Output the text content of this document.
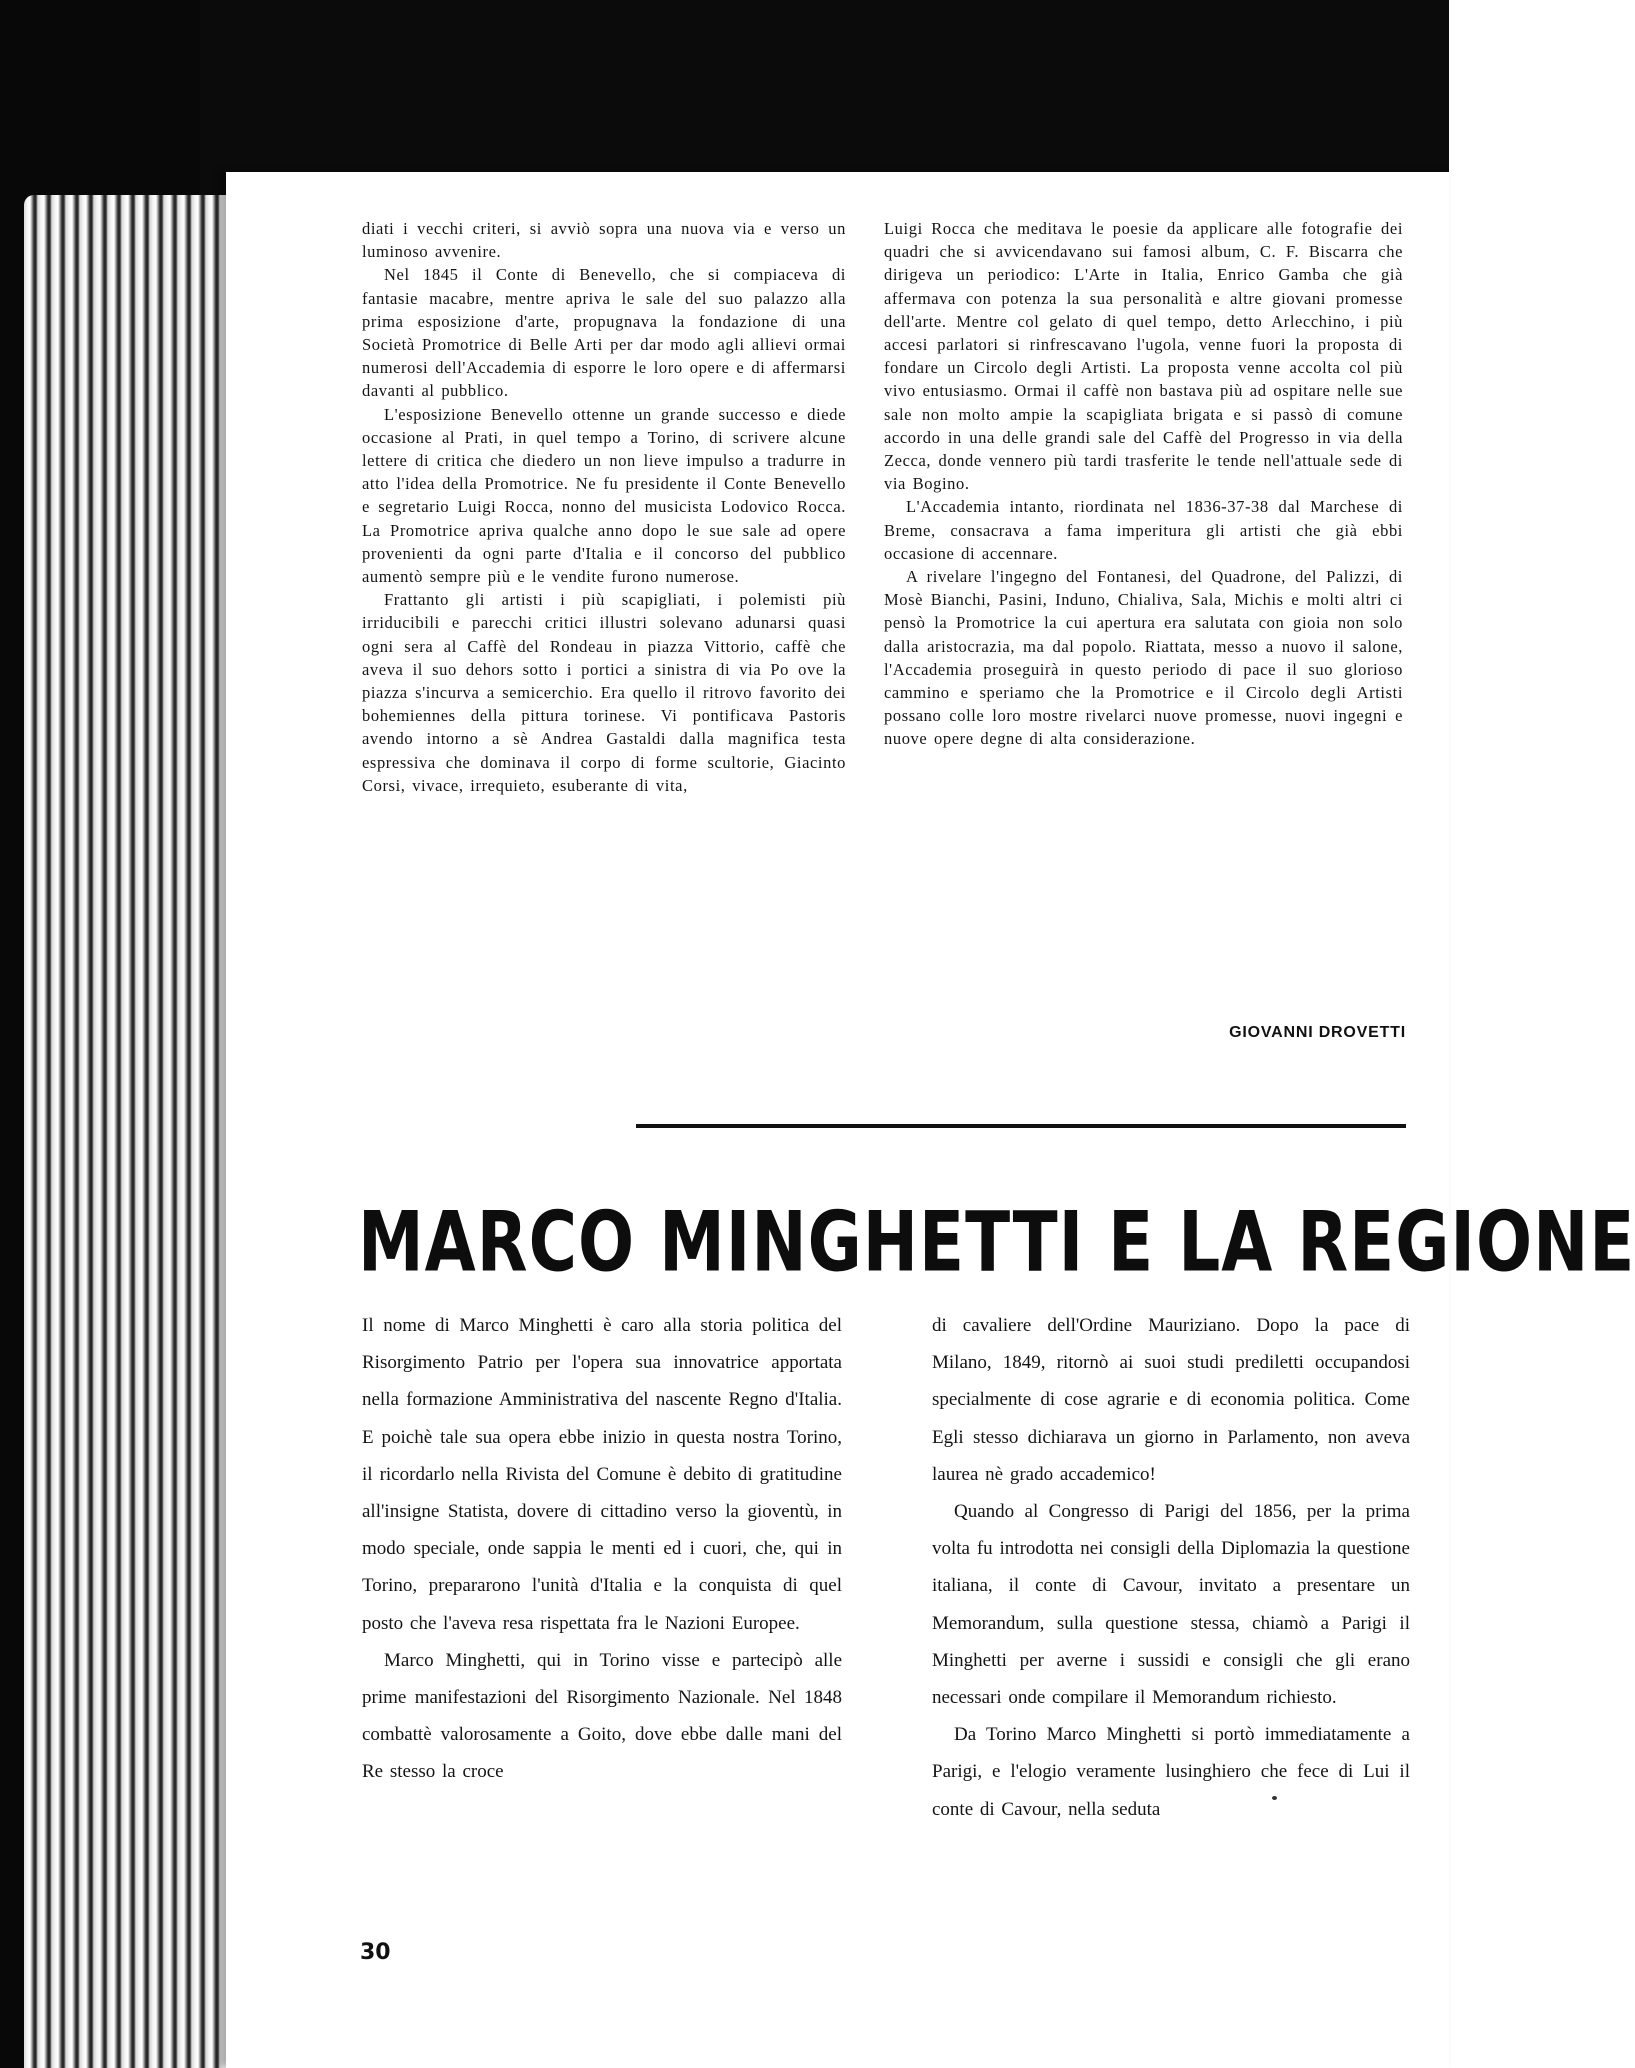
diati i vecchi criteri, si avviò sopra una nuova via e verso un luminoso avvenire.

Nel 1845 il Conte di Benevello, che si compiaceva di fantasie macabre, mentre apriva le sale del suo palazzo alla prima esposizione d'arte, propugnava la fondazione di una Società Promotrice di Belle Arti per dar modo agli allievi ormai numerosi dell'Accademia di esporre le loro opere e di affermarsi davanti al pubblico.

L'esposizione Benevello ottenne un grande successo e diede occasione al Prati, in quel tempo a Torino, di scrivere alcune lettere di critica che diedero un non lieve impulso a tradurre in atto l'idea della Promotrice. Ne fu presidente il Conte Benevello e segretario Luigi Rocca, nonno del musicista Lodovico Rocca. La Promotrice apriva qualche anno dopo le sue sale ad opere provenienti da ogni parte d'Italia e il concorso del pubblico aumentò sempre più e le vendite furono numerose.

Frattanto gli artisti i più scapigliati, i polemisti più irriducibili e parecchi critici illustri solevano adunarsi quasi ogni sera al Caffè del Rondeau in piazza Vittorio, caffè che aveva il suo dehors sotto i portici a sinistra di via Po ove la piazza s'incurva a semicerchio. Era quello il ritrovo favorito dei bohemiennes della pittura torinese. Vi pontificava Pastoris avendo intorno a sè Andrea Gastaldi dalla magnifica testa espressiva che dominava il corpo di forme scultorie, Giacinto Corsi, vivace, irrequieto, esuberante di vita,

Luigi Rocca che meditava le poesie da applicare alle fotografie dei quadri che si avvicendavano sui famosi album, C. F. Biscarra che dirigeva un periodico: L'Arte in Italia, Enrico Gamba che già affermava con potenza la sua personalità e altre giovani promesse dell'arte. Mentre col gelato di quel tempo, detto Arlecchino, i più accesi parlatori si rinfrescavano l'ugola, venne fuori la proposta di fondare un Circolo degli Artisti. La proposta venne accolta col più vivo entusiasmo. Ormai il caffè non bastava più ad ospitare nelle sue sale non molto ampie la scapigliata brigata e si passò di comune accordo in una delle grandi sale del Caffè del Progresso in via della Zecca, donde vennero più tardi trasferite le tende nell'attuale sede di via Bogino.

L'Accademia intanto, riordinata nel 1836-37-38 dal Marchese di Breme, consacrava a fama imperitura gli artisti che già ebbi occasione di accennare.

A rivelare l'ingegno del Fontanesi, del Quadrone, del Palizzi, di Mosè Bianchi, Pasini, Induno, Chialiva, Sala, Michis e molti altri ci pensò la Promotrice la cui apertura era salutata con gioia non solo dalla aristocrazia, ma dal popolo. Riattata, messo a nuovo il salone, l'Accademia proseguirà in questo periodo di pace il suo glorioso cammino e speriamo che la Promotrice e il Circolo degli Artisti possano colle loro mostre rivelarci nuove promesse, nuovi ingegni e nuove opere degne di alta considerazione.

GIOVANNI DROVETTI
MARCO MINGHETTI E LA REGIONE

Il nome di Marco Minghetti è caro alla storia politica del Risorgimento Patrio per l'opera sua innovatrice apportata nella formazione Amministrativa del nascente Regno d'Italia. E poichè tale sua opera ebbe inizio in questa nostra Torino, il ricordarlo nella Rivista del Comune è debito di gratitudine all'insigne Statista, dovere di cittadino verso la gioventù, in modo speciale, onde sappia le menti ed i cuori, che, qui in Torino, prepararono l'unità d'Italia e la conquista di quel posto che l'aveva resa rispettata fra le Nazioni Europee.

Marco Minghetti, qui in Torino visse e partecipò alle prime manifestazioni del Risorgimento Nazionale. Nel 1848 combattè valorosamente a Goito, dove ebbe dalle mani del Re stesso la croce

di cavaliere dell'Ordine Mauriziano. Dopo la pace di Milano, 1849, ritornò ai suoi studi prediletti occupandosi specialmente di cose agrarie e di economia politica. Come Egli stesso dichiarava un giorno in Parlamento, non aveva laurea nè grado accademico!

Quando al Congresso di Parigi del 1856, per la prima volta fu introdotta nei consigli della Diplomazia la questione italiana, il conte di Cavour, invitato a presentare un Memorandum, sulla questione stessa, chiamò a Parigi il Minghetti per averne i sussidi e consigli che gli erano necessari onde compilare il Memorandum richiesto.

Da Torino Marco Minghetti si portò immediatamente a Parigi, e l'elogio veramente lusinghiero che fece di Lui il conte di Cavour, nella seduta

30
